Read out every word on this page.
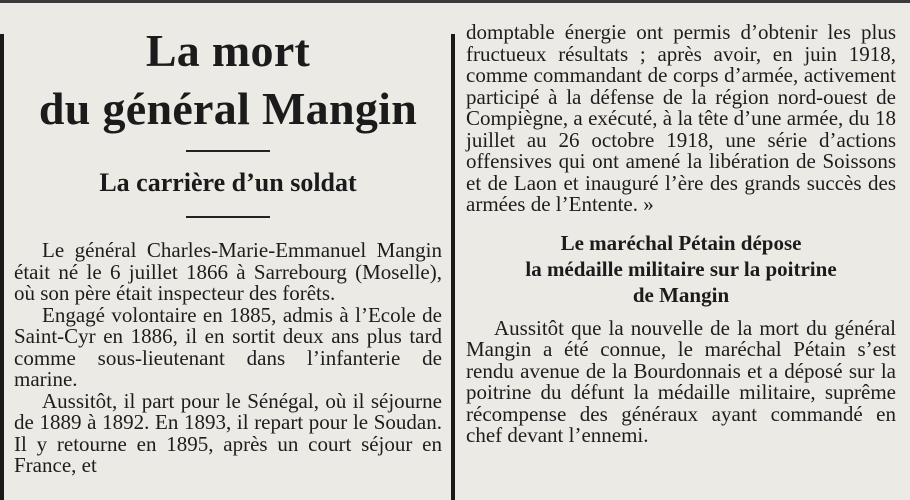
La mort
du général Mangin
La carrière d’un soldat

Le général Charles-Marie-Emmanuel Mangin était né le 6 juillet 1866 à Sarrebourg (Moselle), où son père était inspecteur des forêts.

Engagé volontaire en 1885, admis à l’Ecole de Saint-Cyr en 1886, il en sortit deux ans plus tard comme sous-lieutenant dans l’infanterie de marine.

Aussitôt, il part pour le Sénégal, où il séjourne de 1889 à 1892. En 1893, il repart pour le Soudan. Il y retourne en 1895, après un court séjour en France, et

domptable énergie ont permis d’obtenir les plus fructueux résultats ; après avoir, en juin 1918, comme commandant de corps d’armée, activement participé à la défense de la région nord-ouest de Compiègne, a exécuté, à la tête d’une armée, du 18 juillet au 26 octobre 1918, une série d’actions offensives qui ont amené la libération de Soissons et de Laon et inauguré l’ère des grands succès des armées de l’Entente. »

Le maréchal Pétain dépose
la médaille militaire sur la poitrine
de Mangin

Aussitôt que la nouvelle de la mort du général Mangin a été connue, le maréchal Pétain s’est rendu avenue de la Bourdonnais et a déposé sur la poitrine du défunt la médaille militaire, suprême récompense des généraux ayant commandé en chef devant l’ennemi.
